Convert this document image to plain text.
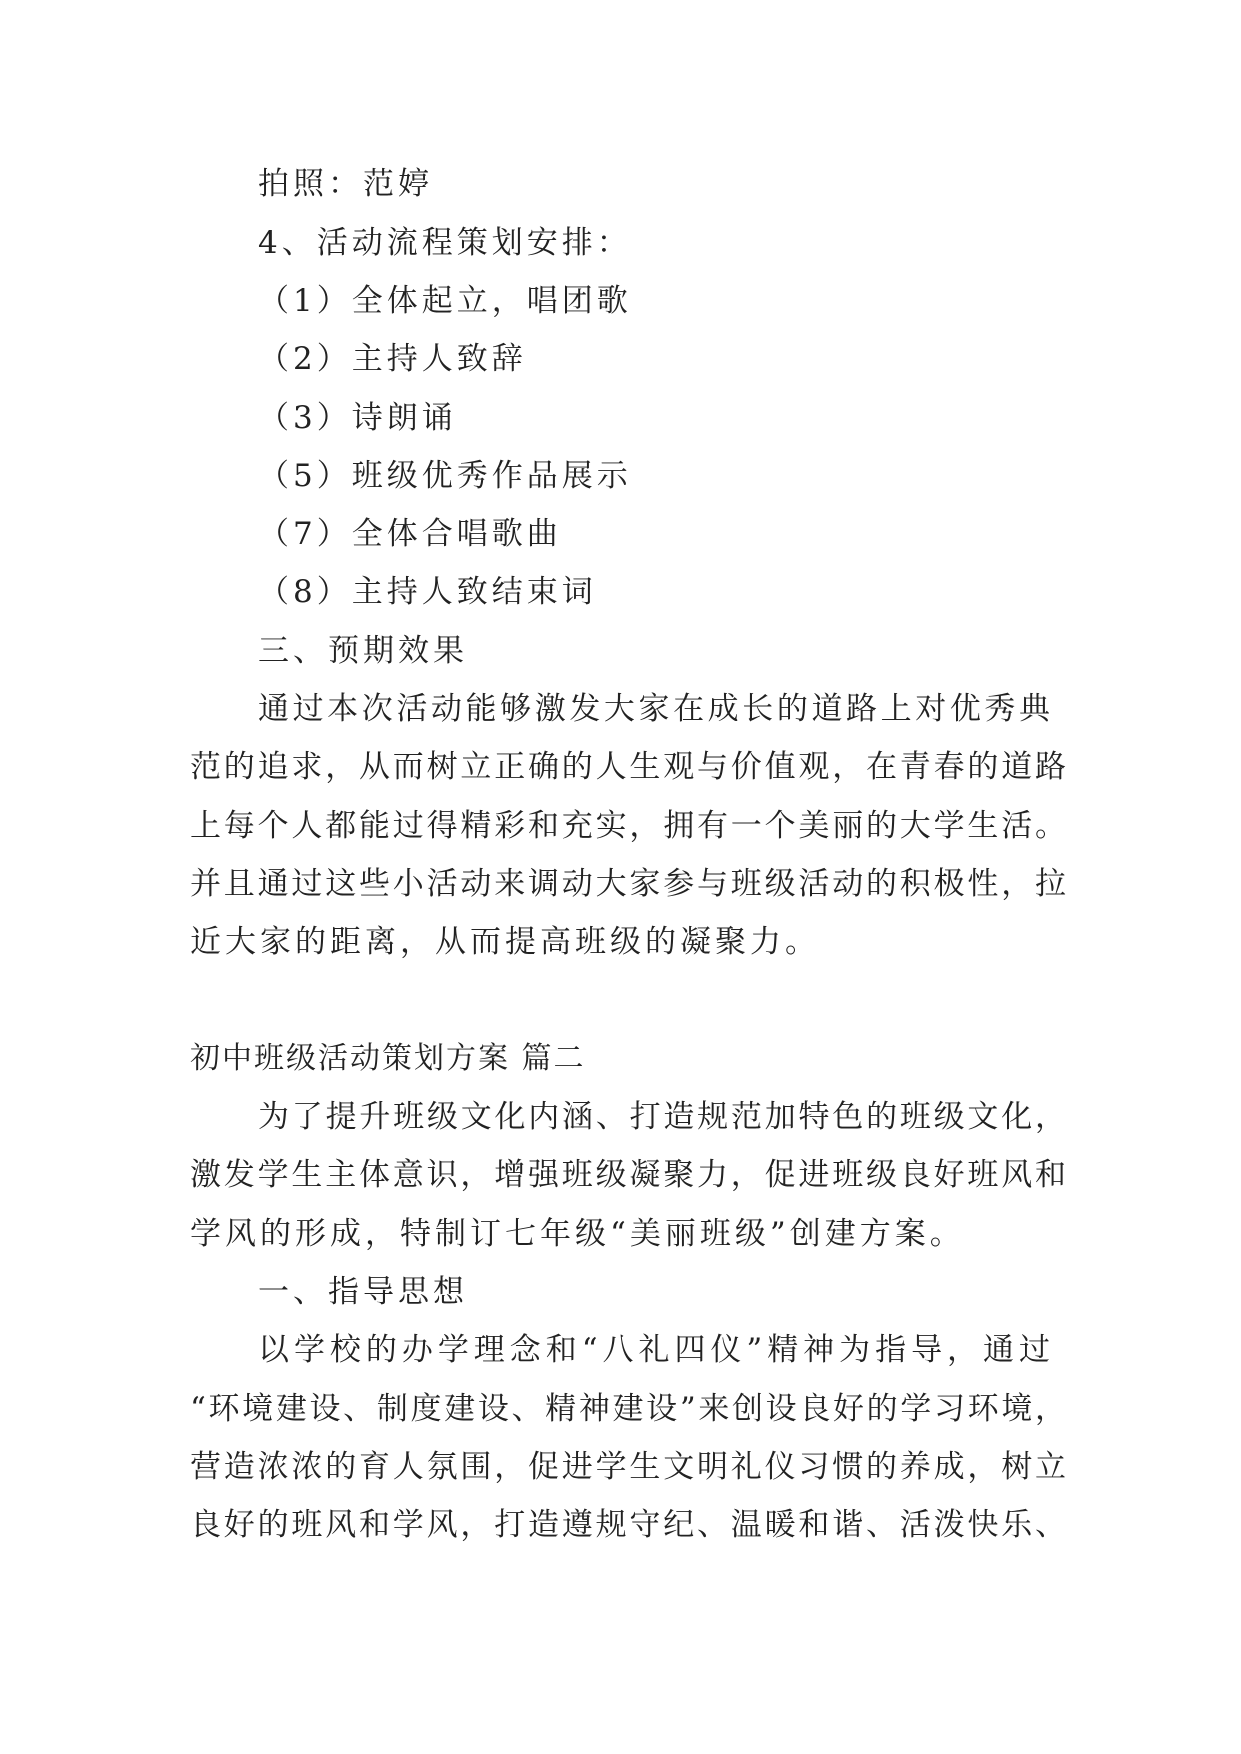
拍照：范婷
4、活动流程策划安排：
（1）全体起立，唱团歌
（2）主持人致辞
（3）诗朗诵
（5）班级优秀作品展示
（7）全体合唱歌曲
（8）主持人致结束词
三、预期效果
通过本次活动能够激发大家在成长的道路上对优秀典
范的追求，从而树立正确的人生观与价值观，在青春的道路
上每个人都能过得精彩和充实，拥有一个美丽的大学生活。
并且通过这些小活动来调动大家参与班级活动的积极性，拉
近大家的距离，从而提高班级的凝聚力。
初中班级活动策划方案 篇二
为了提升班级文化内涵、打造规范加特色的班级文化，
激发学生主体意识，增强班级凝聚力，促进班级良好班风和
学风的形成，特制订七年级“美丽班级”创建方案。
一、指导思想
以学校的办学理念和“八礼四仪”精神为指导，通过
“环境建设、制度建设、精神建设”来创设良好的学习环境，
营造浓浓的育人氛围，促进学生文明礼仪习惯的养成，树立
良好的班风和学风，打造遵规守纪、温暖和谐、活泼快乐、
